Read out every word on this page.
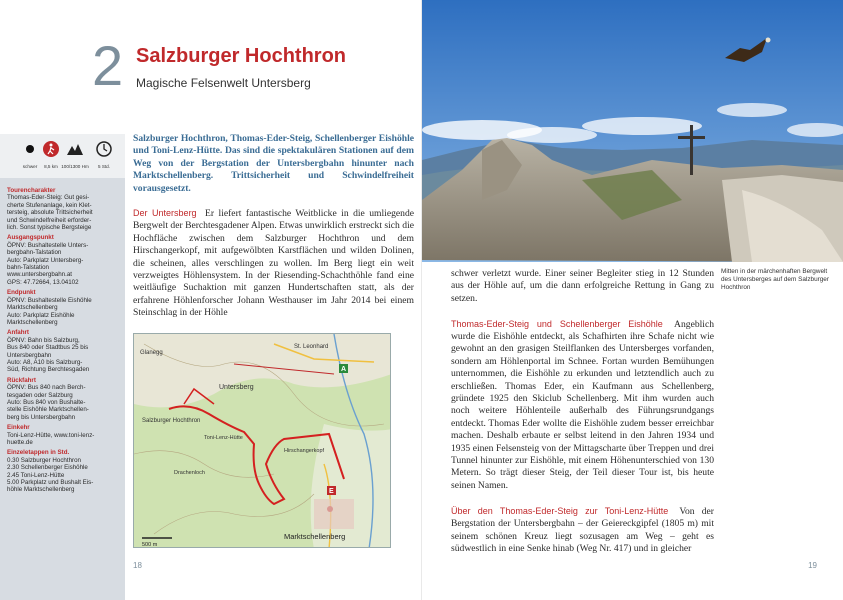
2 Salzburger Hochthron
Magische Felsenwelt Untersberg
schwer	8,5 km 100/1300 Hm	5 Std.
Tourencharakter
Thomas-Eder-Steig: Gut gesi-
cherte Stufenanlage, kein Klet-
tersteig, absolute Trittsicherheit
und Schwindelfreiheit erforder-
lich. Sonst typische Bergsteige
Ausgangspunkt
ÖPNV: Bushaltestelle Unters-
bergbahn-Talstation
Auto: Parkplatz Untersberg-
bahn-Talstation
www.untersbergbahn.at
GPS: 47.72664, 13.04102
Endpunkt
ÖPNV: Bushaltestelle Eishöhle
Marktschellenberg
Auto: Parkplatz Eishöhle
Marktschellenberg
Anfahrt
ÖPNV: Bahn bis Salzburg,
Bus 840 oder Stadtbus 25 bis
Untersbergbahn
Auto: A8, A10 bis Salzburg-
Süd, Richtung Berchtesgaden
Rückfahrt
ÖPNV: Bus 840 nach Berch-
tesgaden oder Salzburg
Auto: Bus 840 von Bushalte-
stelle Eishöhle Marktschellen-
berg bis Untersbergbahn
Einkehr
Toni-Lenz-Hütte, www.toni-lenz-
huette.de
Einzeletappen in Std.
0.30 Salzburger Hochthron
2.30 Schellenberger Eishöhle
2.45 Toni-Lenz-Hütte
5.00 Parkplatz und Bushalt Eis-
höhle Marktschellenberg
Salzburger Hochthron, Thomas-Eder-Steig, Schellenberger Eishöhle und Toni-Lenz-Hütte. Das sind die spektakulären Stationen auf dem Weg von der Bergstation der Untersbergbahn hinunter nach Marktschellenberg. Trittsicherheit und Schwindelfreiheit vorausgesetzt.
Der Untersberg Er liefert fantastische Weitblicke in die umliegende Bergwelt der Berchtesgadener Alpen. Etwas unwirklich erstreckt sich die Hochfläche zwischen dem Salzburger Hochthron und dem Hirschangerkopf, mit aufgewölbten Karstflächen und wilden Dolinen, die scheinen, alles verschlingen zu wollen. Im Berg liegt ein weit verzweigtes Höhlensystem. In der Riesending-Schachthöhle fand eine weitläufige Suchaktion mit ganzen Hundertschaften statt, als der erfahrene Höhlenforscher Johann Westhauser im Jahr 2014 bei einem Steinschlag in der Höhle
A
E
Glanegg
St. Leonhard
Salzburger Hochthron
Untersberg
Toni-Lenz-Hütte
Hirschangerkopf
Drachenloch
Marktschellenberg
500 m
18
Mitten in der märchenhaften Bergwelt des Untersberges auf dem Salzburger Hochthron

schwer verletzt wurde. Einer seiner Begleiter stieg in 12 Stunden aus der Höhle auf, um die dann erfolgreiche Rettung in Gang zu setzen.

Thomas-Eder-Steig und Schellenberger Eishöhle Angeblich wurde die Eishöhle entdeckt, als Schafhirten ihre Schafe nicht wie gewohnt an den grasigen Steilflanken des Untersberges vorfanden, sondern am Höhlenportal im Schnee. Fortan wurden Bemühungen unternommen, die Eishöhle zu erkunden und letztendlich auch zu erschließen. Thomas Eder, ein Kaufmann aus Schellenberg, gründete 1925 den Skiclub Schellenberg. Mit ihm wurden auch noch weitere Höhlenteile außerhalb des Führungsrundgangs entdeckt. Thomas Eder wollte die Eishöhle zudem besser erreichbar machen. Deshalb erbaute er selbst leitend in den Jahren 1934 und 1935 einen Felsensteig von der Mittagscharte über Treppen und drei Tunnel hinunter zur Eishöhle, mit einem Höhenunterschied von 130 Metern. So trägt dieser Steig, der Teil dieser Tour ist, bis heute seinen Namen.

Über den Thomas-Eder-Steig zur Toni-Lenz-Hütte Von der Bergstation der Untersbergbahn – der Geiereckgipfel (1805 m) mit seinem schönen Kreuz liegt sozusagen am Weg – geht es südwestlich in eine Senke hinab (Weg Nr. 417) und in gleicher

19
